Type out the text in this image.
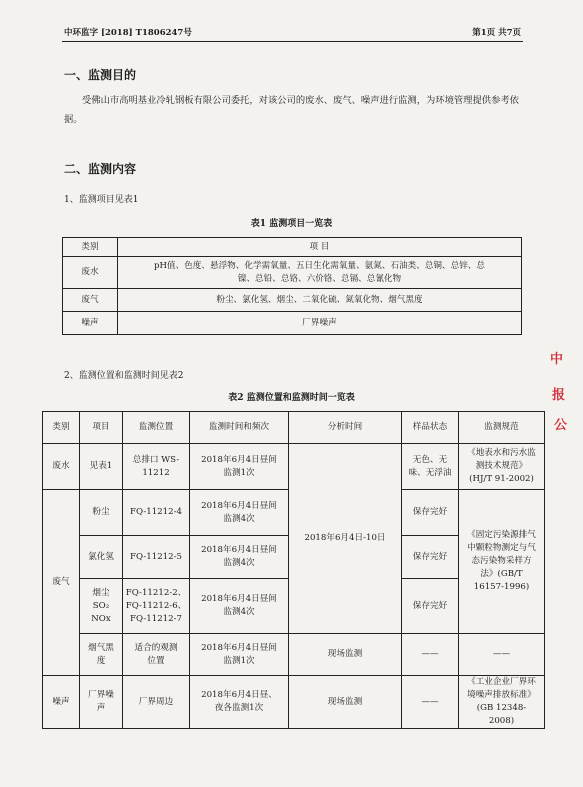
中环监字 [2018] T1806247号	第1页 共7页
一、监测目的
受佛山市高明基业冷轧钢板有限公司委托，对该公司的废水、废气、噪声进行监测，为环境管理提供参考依据。
二、监测内容
1、监测项目见表1
表1 监测项目一览表
类别	项 目
废水	pH值、色度、悬浮物、化学需氧量、五日生化需氧量、氨氮、石油类、总铜、总锌、总镍、总铅、总铬、六价铬、总镉、总氰化物
废气	粉尘、氯化氢、烟尘、二氧化硫、氮氧化物、烟气黑度
噪声	厂界噪声
2、监测位置和监测时间见表2
表2 监测位置和监测时间一览表
类别	项目	监测位置	监测时间和频次	分析时间	样品状态	监测规范
废水	见表1	总排口 WS-11212	2018年6月4日昼间监测1次	2018年6月4日-10日	无色、无味、无浮油	《地表水和污水监测技术规范》(HJ/T 91-2002)
废气	粉尘	FQ-11212-4	2018年6月4日昼间监测4次		保存完好	《固定污染源排气中颗粒物测定与气态污染物采样方法》(GB/T 16157-1996)
	氯化氢	FQ-11212-5	2018年6月4日昼间监测4次		保存完好	
	烟尘 SO₂ NOx	FQ-11212-2、FQ-11212-6、FQ-11212-7	2018年6月4日昼间监测4次		保存完好	
	烟气黑度	适合的观测位置	2018年6月4日昼间监测1次	现场监测	——	——
噪声	厂界噪声	厂界周边	2018年6月4日昼、夜各监测1次	现场监测	——	《工业企业厂界环境噪声排放标准》(GB 12348-2008)
中
报
公
